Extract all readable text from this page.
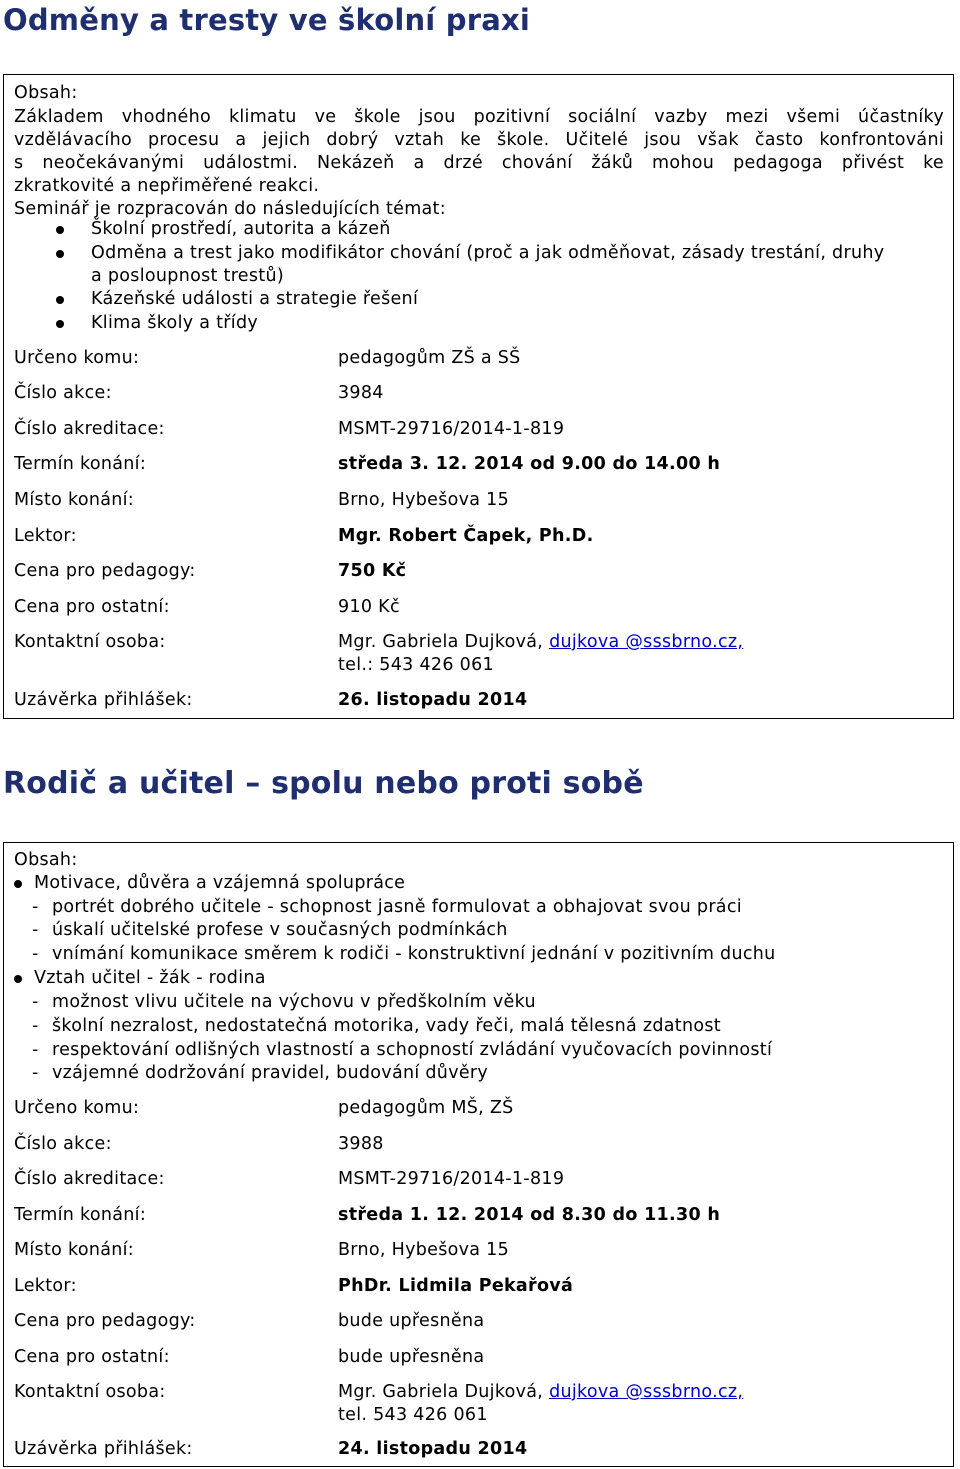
Odměny a tresty ve školní praxi
Obsah:
Základem vhodného klimatu ve škole jsou pozitivní sociální vazby mezi všemi účastníky
vzdělávacího procesu a jejich dobrý vztah ke škole. Učitelé jsou však často konfrontováni
s neočekávanými událostmi. Nekázeň a drzé chování žáků mohou pedagoga přivést ke
zkratkovité a nepřiměřené reakci.
Seminář je rozpracován do následujících témat:
Školní prostředí, autorita a kázeň
Odměna a trest jako modifikátor chování (proč a jak odměňovat, zásady trestání, druhy
a posloupnost trestů)
Kázeňské události a strategie řešení
Klima školy a třídy
Určeno komu:	pedagogům ZŠ a SŠ
Číslo akce:	3984
Číslo akreditace:	MSMT-29716/2014-1-819
Termín konání:	středa 3. 12. 2014 od 9.00 do 14.00 h
Místo konání:	Brno, Hybešova 15
Lektor:	Mgr. Robert Čapek, Ph.D.
Cena pro pedagogy:	750 Kč
Cena pro ostatní:	910 Kč
Kontaktní osoba:	Mgr. Gabriela Dujková, dujkova @sssbrno.cz,
tel.: 543 426 061
Uzávěrka přihlášek:	26. listopadu 2014
Rodič a učitel – spolu nebo proti sobě
Obsah:
Motivace, důvěra a vzájemná spolupráce
- portrét dobrého učitele - schopnost jasně formulovat a obhajovat svou práci
- úskalí učitelské profese v současných podmínkách
- vnímání komunikace směrem k rodiči - konstruktivní jednání v pozitivním duchu
Vztah učitel - žák - rodina
- možnost vlivu učitele na výchovu v předškolním věku
- školní nezralost, nedostatečná motorika, vady řeči, malá tělesná zdatnost
- respektování odlišných vlastností a schopností zvládání vyučovacích povinností
- vzájemné dodržování pravidel, budování důvěry
Určeno komu:	pedagogům MŠ, ZŠ
Číslo akce:	3988
Číslo akreditace:	MSMT-29716/2014-1-819
Termín konání:	středa 1. 12. 2014 od 8.30 do 11.30 h
Místo konání:	Brno, Hybešova 15
Lektor:	PhDr. Lidmila Pekařová
Cena pro pedagogy:	bude upřesněna
Cena pro ostatní:	bude upřesněna
Kontaktní osoba:	Mgr. Gabriela Dujková, dujkova @sssbrno.cz,
tel. 543 426 061
Uzávěrka přihlášek:	24. listopadu 2014
